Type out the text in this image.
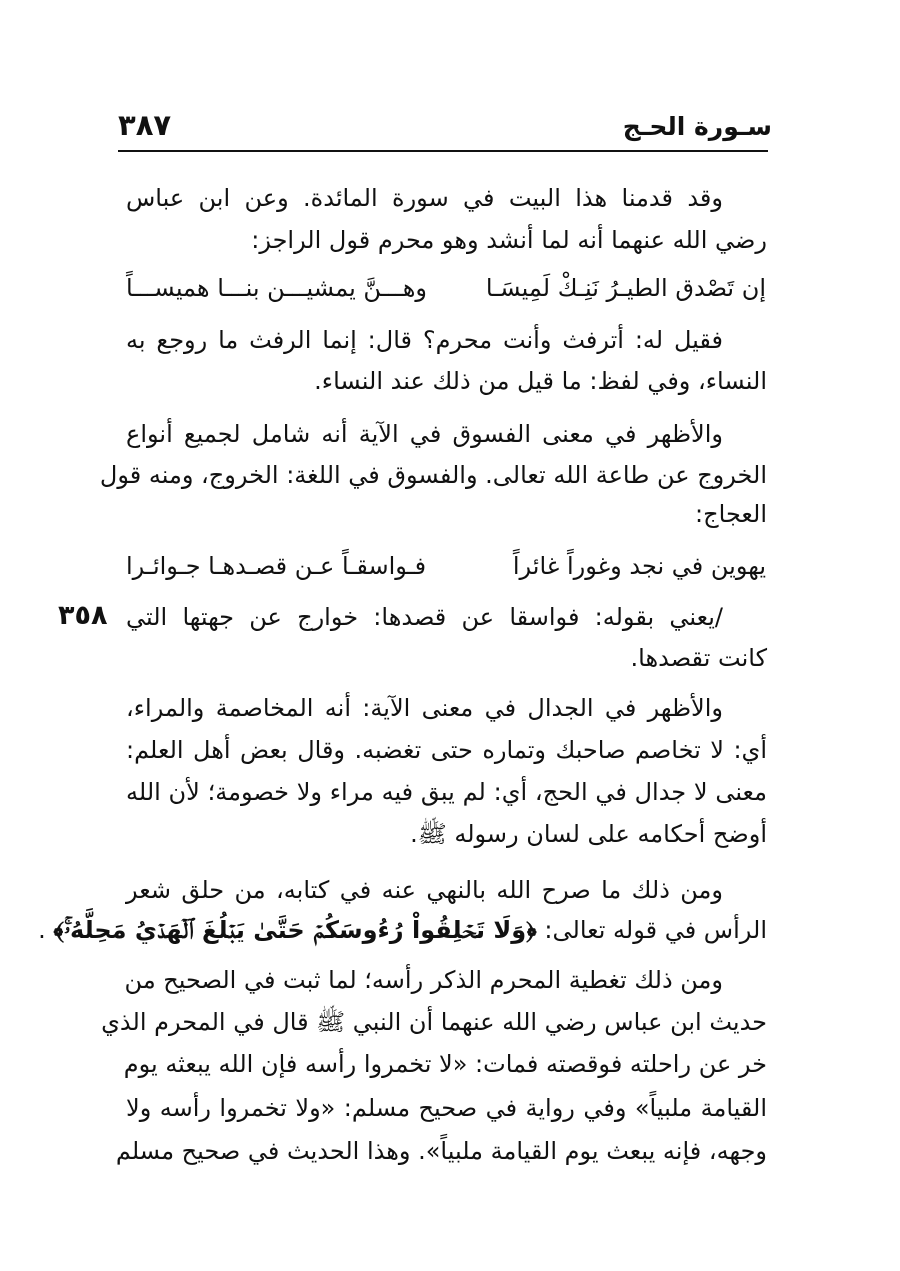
سـورة الحـج
٣٨٧
وقد قدمنا هذا البيت في سورة المائدة. وعن ابن عباس
رضي الله عنهما أنه لما أنشد وهو محرم قول الراجز:
إن تَصْدق الطيـرُ نَنِـكْ لَمِيسَـا
وهـــنَّ يمشيـــن بنـــا هميســـاً
فقيل له: أترفث وأنت محرم؟ قال: إنما الرفث ما روجع به
النساء، وفي لفظ: ما قيل من ذلك عند النساء.
والأظهر في معنى الفسوق في الآية أنه شامل لجميع أنواع
الخروج عن طاعة الله تعالى. والفسوق في اللغة: الخروج، ومنه قول
العجاج:
يهوين في نجد وغوراً غائراً
فـواسقـاً عـن قصـدهـا جـوائـرا
/يعني بقوله: فواسقا عن قصدها: خوارج عن جهتها التي
٣٥٨
كانت تقصدها.
والأظهر في الجدال في معنى الآية: أنه المخاصمة والمراء،
أي: لا تخاصم صاحبك وتماره حتى تغضبه. وقال بعض أهل العلم:
معنى لا جدال في الحج، أي: لم يبق فيه مراء ولا خصومة؛ لأن الله
أوضح أحكامه على لسان رسوله ﷺ.
ومن ذلك ما صرح الله بالنهي عنه في كتابه، من حلق شعر
الرأس في قوله تعالى: ﴿وَلَا تَحۡلِقُواْ رُءُوسَكُمۡ حَتَّىٰ يَبۡلُغَ ٱلۡهَدۡيُ مَحِلَّهُۥۚ﴾ .
ومن ذلك تغطية المحرم الذكر رأسه؛ لما ثبت في الصحيح من
حديث ابن عباس رضي الله عنهما أن النبي ﷺ قال في المحرم الذي
خر عن راحلته فوقصته فمات: «لا تخمروا رأسه فإن الله يبعثه يوم
القيامة ملبياً» وفي رواية في صحيح مسلم: «ولا تخمروا رأسه ولا
وجهه، فإنه يبعث يوم القيامة ملبياً». وهذا الحديث في صحيح مسلم
